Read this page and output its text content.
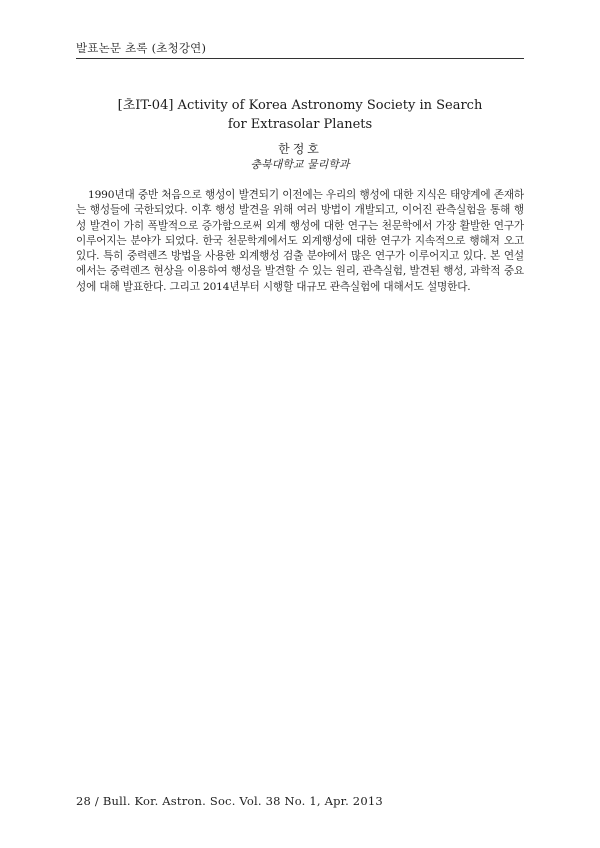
발표논문 초록 (초청강연)
[초IT-04] Activity of Korea Astronomy Society in Search
for Extrasolar Planets
한정호
충북대학교 물리학과

1990년대 중반 처음으로 행성이 발견되기 이전에는 우리의 행성에 대한 지식은 태양계에 존재하는 행성들에 국한되었다. 이후 행성 발견을 위해 여러 방법이 개발되고, 이어진 관측실험을 통해 행성 발견이 가히 폭발적으로 증가함으로써 외계 행성에 대한 연구는 천문학에서 가장 활발한 연구가 이루어지는 분야가 되었다. 한국 천문학계에서도 외계행성에 대한 연구가 지속적으로 행해져 오고 있다. 특히 중력렌즈 방법을 사용한 외계행성 검출 분야에서 많은 연구가 이루어지고 있다. 본 연설에서는 중력렌즈 현상을 이용하여 행성을 발견할 수 있는 원리, 관측실험, 발견된 행성, 과학적 중요성에 대해 발표한다. 그리고 2014년부터 시행할 대규모 관측실험에 대해서도 설명한다.

28 / Bull. Kor. Astron. Soc. Vol. 38 No. 1, Apr. 2013
